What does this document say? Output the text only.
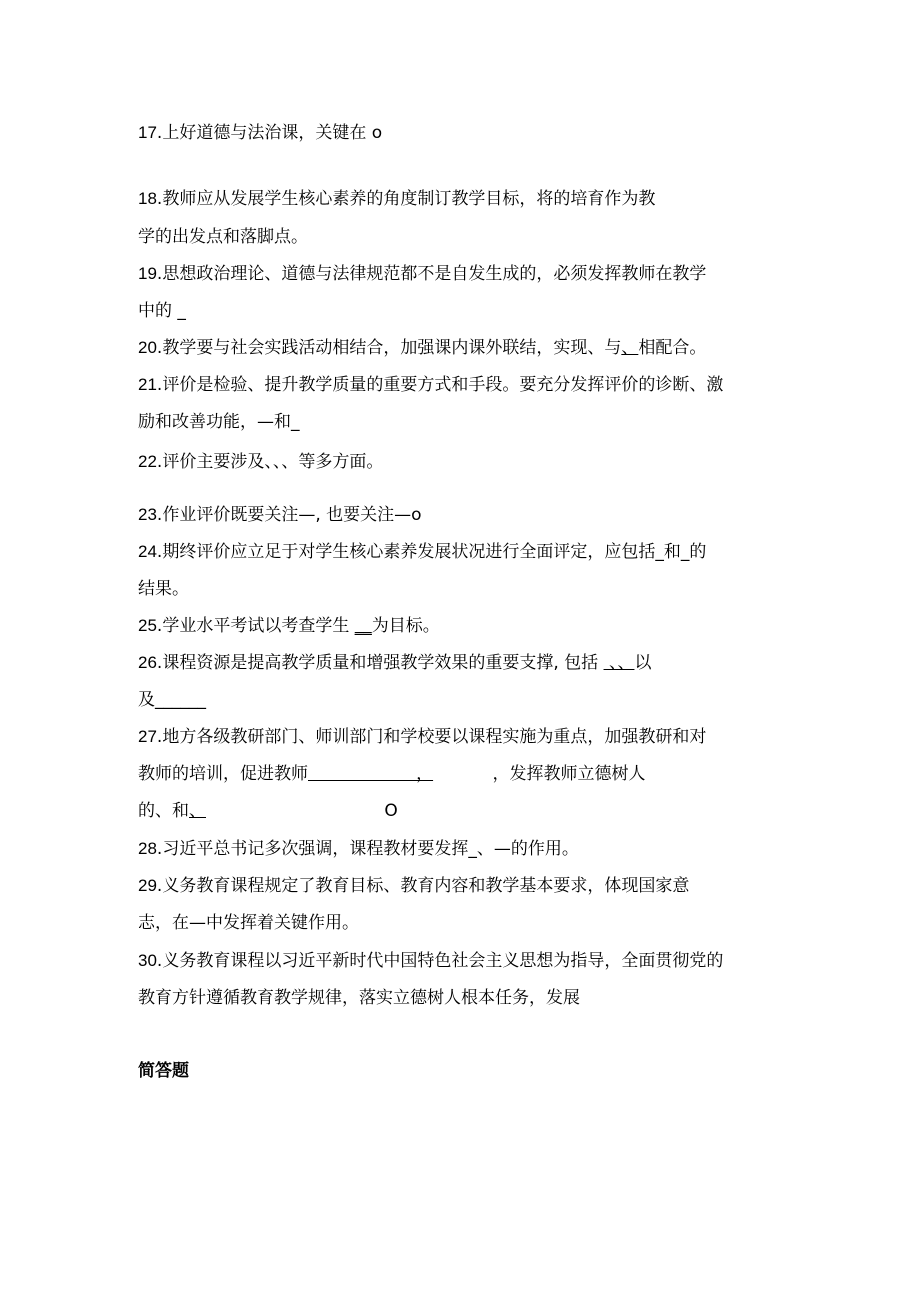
17.上好道德与法治课，关键在 o
18.教师应从发展学生核心素养的角度制订教学目标，将的培育作为教
学的出发点和落脚点。
19.思想政治理论、道德与法律规范都不是自发生成的，必须发挥教师在教学
中的 _
20.教学要与社会实践活动相结合，加强课内课外联结，实现、与、相配合。
21.评价是检验、提升教学质量的重要方式和手段。要充分发挥评价的诊断、激
励和改善功能，—和_
22.评价主要涉及、、、等多方面。
23.作业评价既要关注—, 也要关注—o
24.期终评价应立足于对学生核心素养发展状况进行全面评定，应包括_和_的
结果。
25.学业水平考试以考查学生 __为目标。
26.课程资源是提高教学质量和增强教学效果的重要支撑, 包括  、、以
及______
27.地方各级教研部门、师训部门和学校要以课程实施为重点，加强教研和对
教师的培训，促进教师                    ，           ，发挥教师立德树人
的、和、                                 O
28.习近平总书记多次强调，课程教材要发挥_、—的作用。
29.义务教育课程规定了教育目标、教育内容和教学基本要求，体现国家意
志，在—中发挥着关键作用。
30.义务教育课程以习近平新时代中国特色社会主义思想为指导，全面贯彻党的
教育方针遵循教育教学规律，落实立德树人根本任务，发展
简答题
